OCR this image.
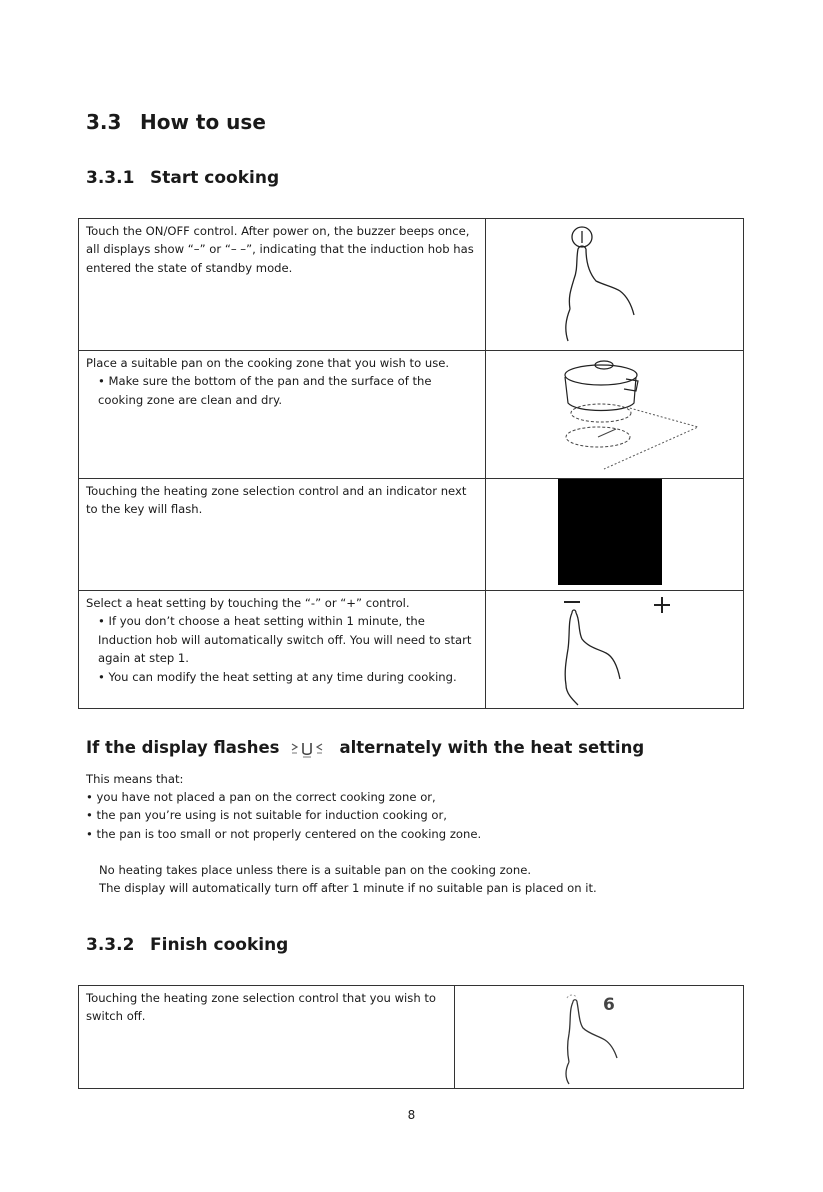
3.3 How to use
3.3.1 Start cooking
Touch the ON/OFF control. After power on, the buzzer beeps once, all displays show “–” or “– –”, indicating that the induction hob has entered the state of standby mode.	

Place a suitable pan on the cooking zone that you wish to use.
• Make sure the bottom of the pan and the surface of the cooking zone are clean and dry.

Touching the heating zone selection control and an indicator next to the key will flash.	

Select a heat setting by touching the “-” or “+” control.
• If you don’t choose a heat setting within 1 minute, the Induction hob will automatically switch off. You will need to start again at step 1.
• You can modify the heat setting at any time during cooking.

If the display flashes	alternately with the heat setting
This means that:
• you have not placed a pan on the correct cooking zone or,
• the pan you’re using is not suitable for induction cooking or,
• the pan is too small or not properly centered on the cooking zone.
No heating takes place unless there is a suitable pan on the cooking zone.
The display will automatically turn off after 1 minute if no suitable pan is placed on it.
3.3.2 Finish cooking
Touching the heating zone selection control that you wish to switch off.	
6
8
